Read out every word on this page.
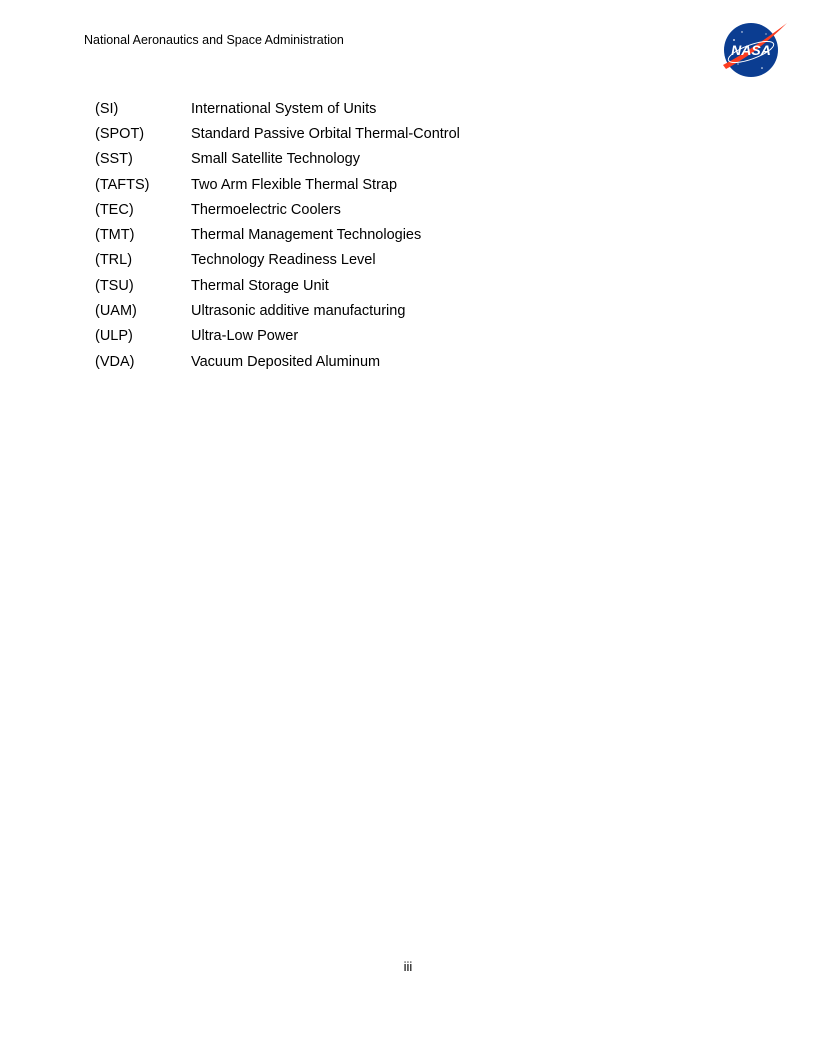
National Aeronautics and Space Administration
NASA
(SI)	International System of Units
(SPOT)	Standard Passive Orbital Thermal-Control
(SST)	Small Satellite Technology
(TAFTS)	Two Arm Flexible Thermal Strap
(TEC)	Thermoelectric Coolers
(TMT)	Thermal Management Technologies
(TRL)	Technology Readiness Level
(TSU)	Thermal Storage Unit
(UAM)	Ultrasonic additive manufacturing
(ULP)	Ultra-Low Power
(VDA)	Vacuum Deposited Aluminum
iii
